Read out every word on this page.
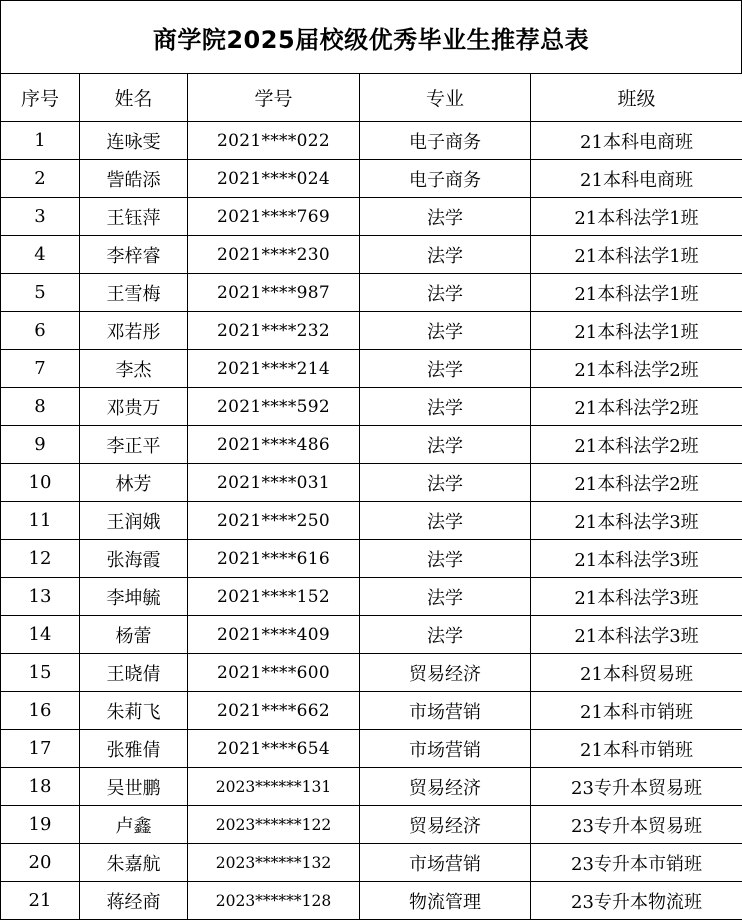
商学院2025届校级优秀毕业生推荐总表
序号	姓名	学号	专业	班级
1	连咏雯	2021****022	电子商务	21本科电商班
2	訾皓添	2021****024	电子商务	21本科电商班
3	王钰萍	2021****769	法学	21本科法学1班
4	李梓睿	2021****230	法学	21本科法学1班
5	王雪梅	2021****987	法学	21本科法学1班
6	邓若彤	2021****232	法学	21本科法学1班
7	李杰	2021****214	法学	21本科法学2班
8	邓贵万	2021****592	法学	21本科法学2班
9	李正平	2021****486	法学	21本科法学2班
10	林芳	2021****031	法学	21本科法学2班
11	王润娥	2021****250	法学	21本科法学3班
12	张海霞	2021****616	法学	21本科法学3班
13	李坤毓	2021****152	法学	21本科法学3班
14	杨蕾	2021****409	法学	21本科法学3班
15	王晓倩	2021****600	贸易经济	21本科贸易班
16	朱莉飞	2021****662	市场营销	21本科市销班
17	张雅倩	2021****654	市场营销	21本科市销班
18	吴世鹏	2023******131	贸易经济	23专升本贸易班
19	卢鑫	2023******122	贸易经济	23专升本贸易班
20	朱嘉航	2023******132	市场营销	23专升本市销班
21	蒋经商	2023******128	物流管理	23专升本物流班
